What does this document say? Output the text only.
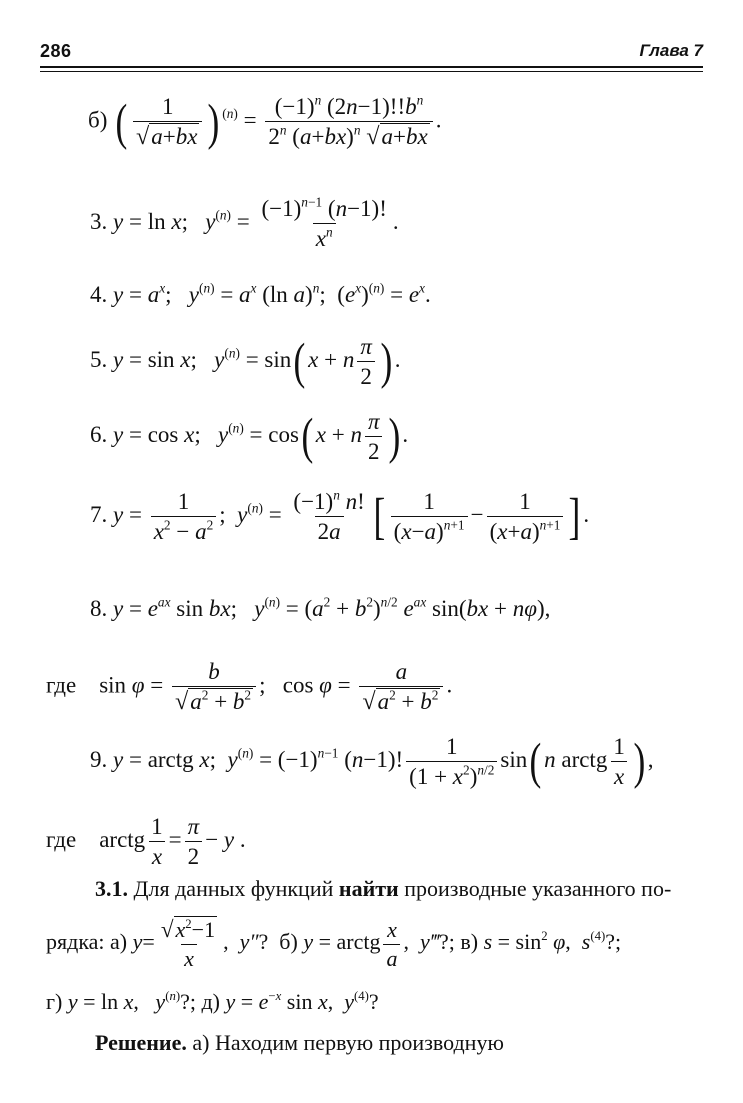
286	Глава 7
б) ( $\frac{1}{√a+bx}$ ) $^{(n)} = \frac{(-1)^n (2n-1)!!b^n}{2^n (a+bx)^n √a+bx}$ .
3. y = ln x;   $y^{(n)} = \frac{(-1)^{n-1} (n-1)!}{x^n}$ .
4. $y = a^x$;   $y^{(n)} = a^x$ (ln a)$^n$;  $(e^x)^{(n)} = e^x$.
5. y = sin x;   $y^{(n)} = \sin$( x + n $\frac{\pi}{2}$ ) .
6. y = cos x;   $y^{(n)} = \cos$( x + n $\frac{\pi}{2}$ ) .
7. $y = \frac{1}{x^2 - a^2}$ ;  $y^{(n)} = \frac{(-1)^n n!}{2a}$ [ $\frac{1}{(x-a)^{n+1}} - \frac{1}{(x+a)^{n+1}}$ ] .
8. $y = e^{ax}$ sin bx;   $y^{(n)} = (a^2 + b^2)^{n/2}$ $e^{ax}$ sin(bx + nφ),
где    $\sin \varphi = \frac{b}{√a^2 + b^2}$ ;   $\cos \varphi = \frac{a}{√a^2 + b^2}$ .
9. y = arctg x;  $y^{(n)} = (-1)^{n-1}$ (n−1)! $\frac{1}{(1 + x^2)^{n/2}} \sin$( n arctg $\frac{1}{x}$ ) ,
где    arctg $\frac{1}{x} = \frac{\pi}{2} - y$ .
3.1. Для данных функций найти производные указанного по-
рядка: а) $y= \frac{√x^2-1}{x}$ ,  y″?  б) y = arctg $\frac{x}{a}$ ,  y‴?; в) $s = \sin^2 \varphi$,  $s^{(4)}$?;
г) y = ln x,   $y^{(n)}$?; д) $y = e^{-x}$ sin x,  $y^{(4)}$?
Решение. а) Находим первую производную
